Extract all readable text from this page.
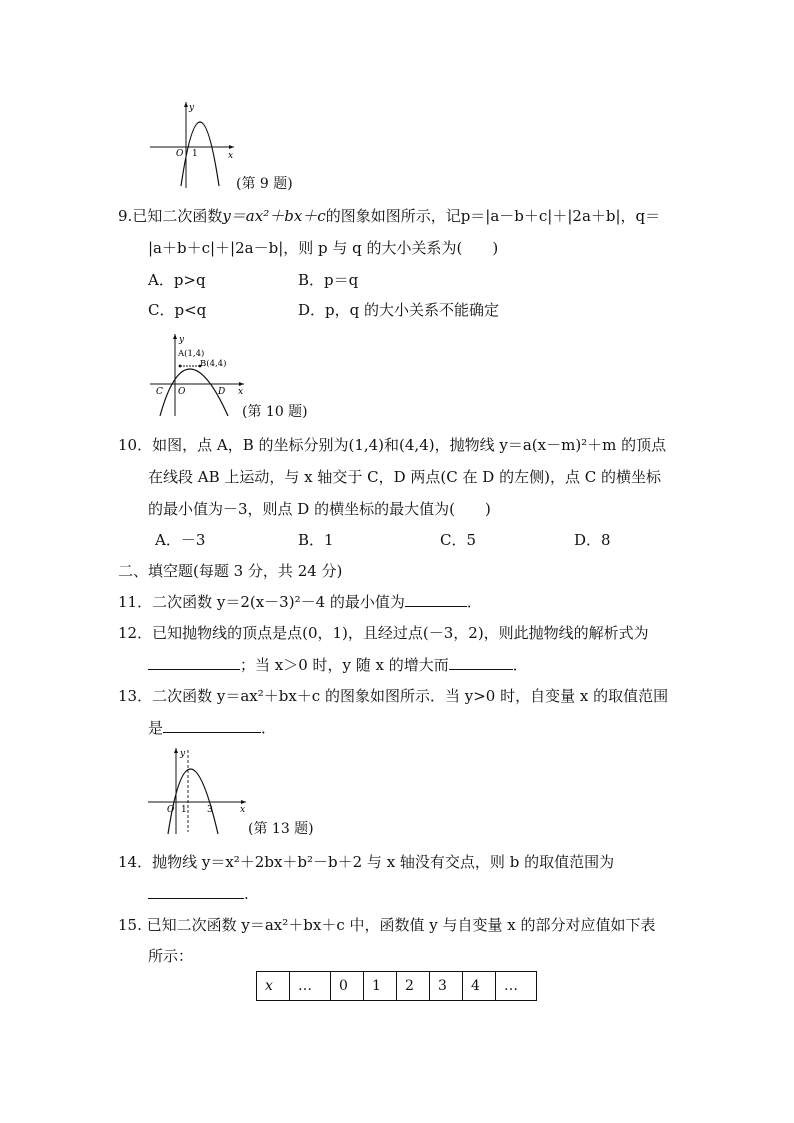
y
x
O 1
(第 9 题)
9.已知二次函数y＝ax²＋bx＋c的图象如图所示，记p＝|a－b＋c|＋|2a＋b|，q＝
|a＋b＋c|＋|2a－b|，则 p 与 q 的大小关系为(　　)
A．p>q	B．p＝q
C．p<q	D．p，q 的大小关系不能确定
y
x
O
A(1,4)
B(4,4)
C	D
(第 10 题)
10．如图，点 A，B 的坐标分别为(1,4)和(4,4)，抛物线 y＝a(x－m)²＋m 的顶点
在线段 AB 上运动，与 x 轴交于 C，D 两点(C 在 D 的左侧)，点 C 的横坐标
的最小值为－3，则点 D 的横坐标的最大值为(　　)
A．－3	B．1	C．5	D．8
二、填空题(每题 3 分，共 24 分)
11．二次函数 y＝2(x－3)²－4 的最小值为	．
12．已知抛物线的顶点是点(0，1)，且经过点(－3，2)，则此抛物线的解析式为
；当 x＞0 时，y 随 x 的增大而	．
13．二次函数 y＝ax²＋bx＋c 的图象如图所示．当 y>0 时，自变量 x 的取值范围
是	．
y
x
O 1 3
(第 13 题)
14．抛物线 y＝x²＋2bx＋b²－b＋2 与 x 轴没有交点，则 b 的取值范围为
.
15. 已知二次函数 y＝ax²＋bx＋c 中，函数值 y 与自变量 x 的部分对应值如下表
所示：
x	…	0	1	2	3	4	…
